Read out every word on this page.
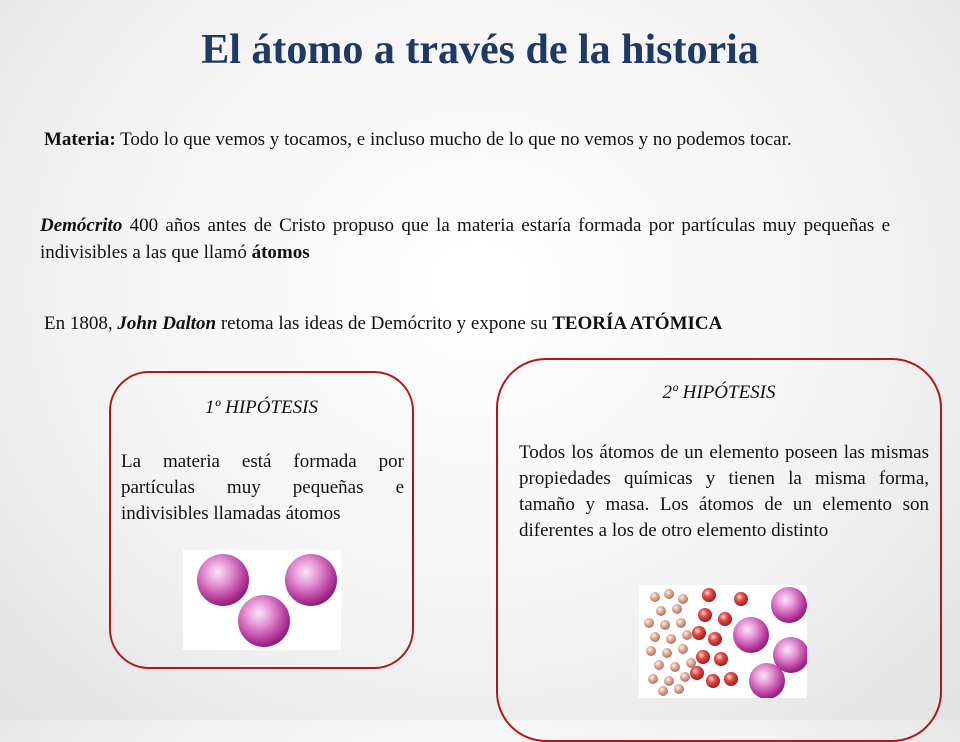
El átomo a través de la historia
Materia: Todo lo que vemos y tocamos, e incluso mucho de lo que no vemos y no podemos tocar.
Demócrito 400 años antes de Cristo propuso que la materia estaría formada por partículas muy pequeñas e indivisibles a las que llamó átomos
En 1808, John Dalton retoma las ideas de Demócrito y expone su TEORÍA ATÓMICA
1º HIPÓTESIS
La materia está formada por partículas muy pequeñas e indivisibles llamadas átomos
2º HIPÓTESIS
Todos los átomos de un elemento poseen las mismas propiedades químicas y tienen la misma forma, tamaño y masa. Los átomos de un elemento son diferentes a los de otro elemento distinto
